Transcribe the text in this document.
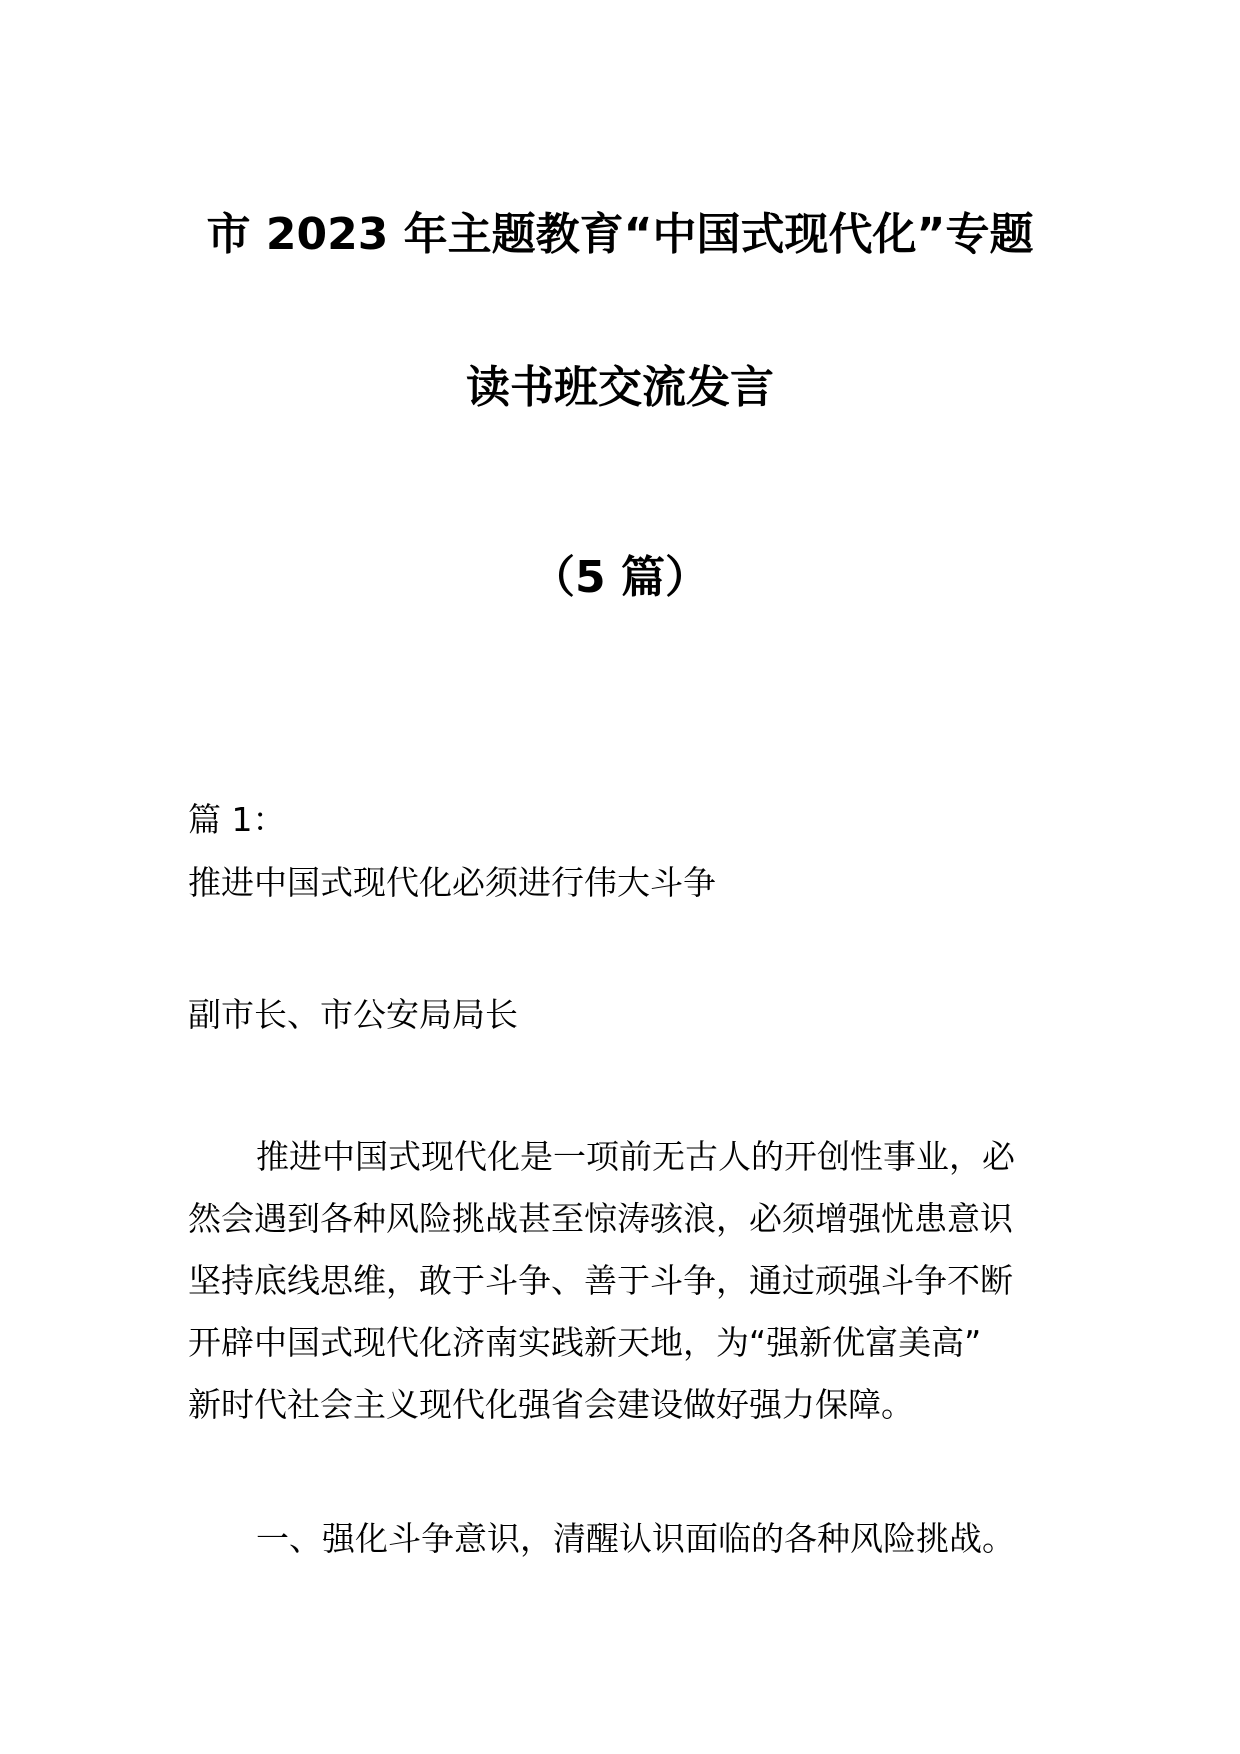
市 2023 年主题教育“中国式现代化”专题
读书班交流发言
（5 篇）
篇 1：
推进中国式现代化必须进行伟大斗争
副市长、市公安局局长
推进中国式现代化是一项前无古人的开创性事业，必
然会遇到各种风险挑战甚至惊涛骇浪，必须增强忧患意识
坚持底线思维，敢于斗争、善于斗争，通过顽强斗争不断
开辟中国式现代化济南实践新天地，为“强新优富美高”
新时代社会主义现代化强省会建设做好强力保障。
一、强化斗争意识，清醒认识面临的各种风险挑战。
